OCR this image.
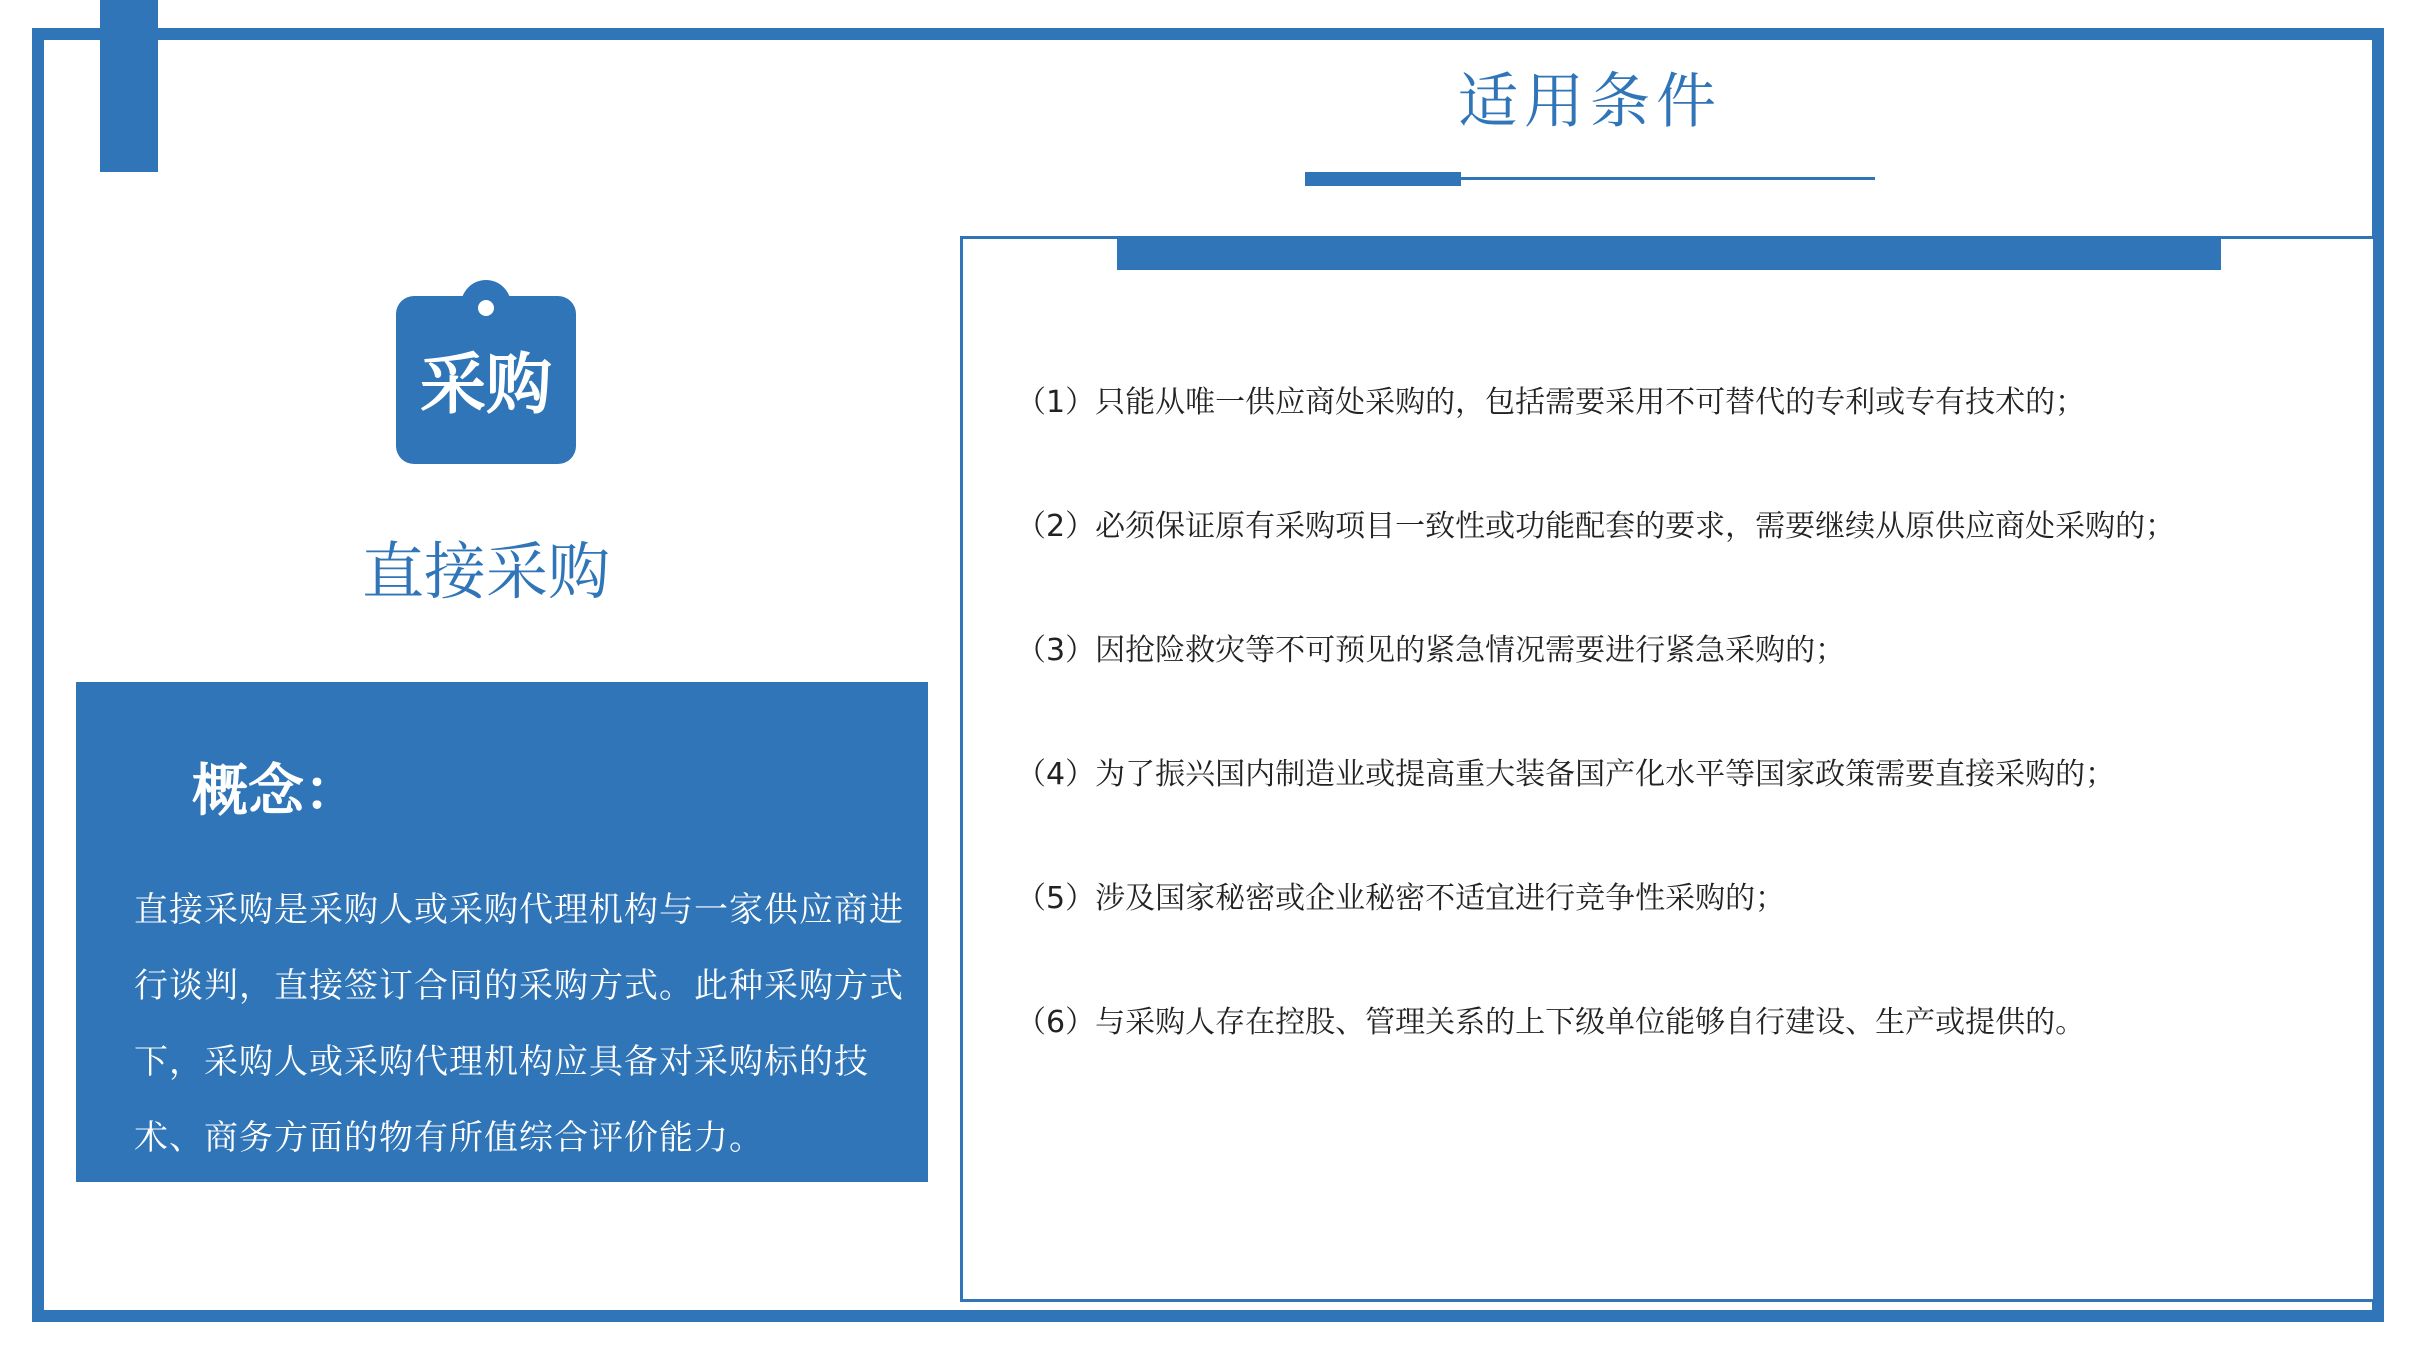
适用条件
采购
直接采购
概念：
直接采购是采购人或采购代理机构与一家供应商进行谈判，直接签订合同的采购方式。此种采购方式下，采购人或采购代理机构应具备对采购标的技术、商务方面的物有所值综合评价能力。
（1）只能从唯一供应商处采购的，包括需要采用不可替代的专利或专有技术的；
（2）必须保证原有采购项目一致性或功能配套的要求，需要继续从原供应商处采购的；
（3）因抢险救灾等不可预见的紧急情况需要进行紧急采购的；
（4）为了振兴国内制造业或提高重大装备国产化水平等国家政策需要直接采购的；
（5）涉及国家秘密或企业秘密不适宜进行竞争性采购的；
（6）与采购人存在控股、管理关系的上下级单位能够自行建设、生产或提供的。
